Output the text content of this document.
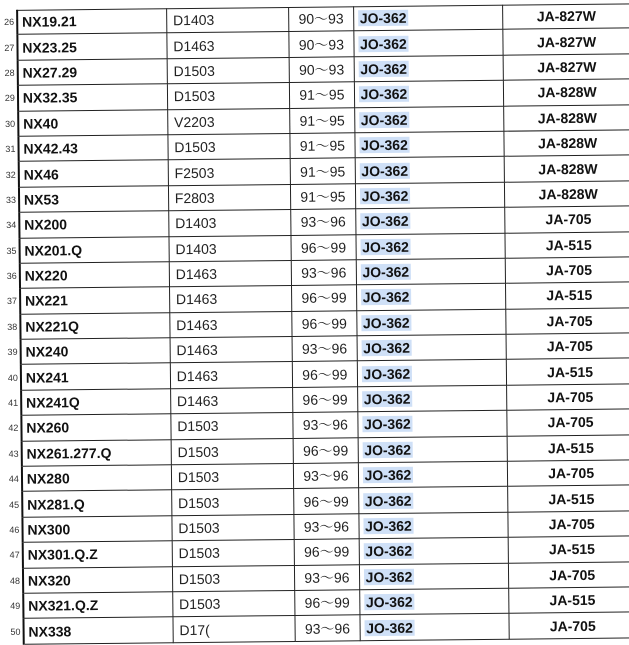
26	NX19.21	D1403	90～93	JO-362	JA-827W
27	NX23.25	D1463	90～93	JO-362	JA-827W
28	NX27.29	D1503	90～93	JO-362	JA-827W
29	NX32.35	D1503	91～95	JO-362	JA-828W
30	NX40	V2203	91～95	JO-362	JA-828W
31	NX42.43	D1503	91～95	JO-362	JA-828W
32	NX46	F2503	91～95	JO-362	JA-828W
33	NX53	F2803	91～95	JO-362	JA-828W
34	NX200	D1403	93～96	JO-362	JA-705
35	NX201.Q	D1403	96～99	JO-362	JA-515
36	NX220	D1463	93～96	JO-362	JA-705
37	NX221	D1463	96～99	JO-362	JA-515
38	NX221Q	D1463	96～99	JO-362	JA-705
39	NX240	D1463	93～96	JO-362	JA-705
40	NX241	D1463	96～99	JO-362	JA-515
41	NX241Q	D1463	96～99	JO-362	JA-705
42	NX260	D1503	93～96	JO-362	JA-705
43	NX261.277.Q	D1503	96～99	JO-362	JA-515
44	NX280	D1503	93～96	JO-362	JA-705
45	NX281.Q	D1503	96～99	JO-362	JA-515
46	NX300	D1503	93～96	JO-362	JA-705
47	NX301.Q.Z	D1503	96～99	JO-362	JA-515
48	NX320	D1503	93～96	JO-362	JA-705
49	NX321.Q.Z	D1503	96～99	JO-362	JA-515
50	NX338	D17(	93～96	JO-362	JA-705
